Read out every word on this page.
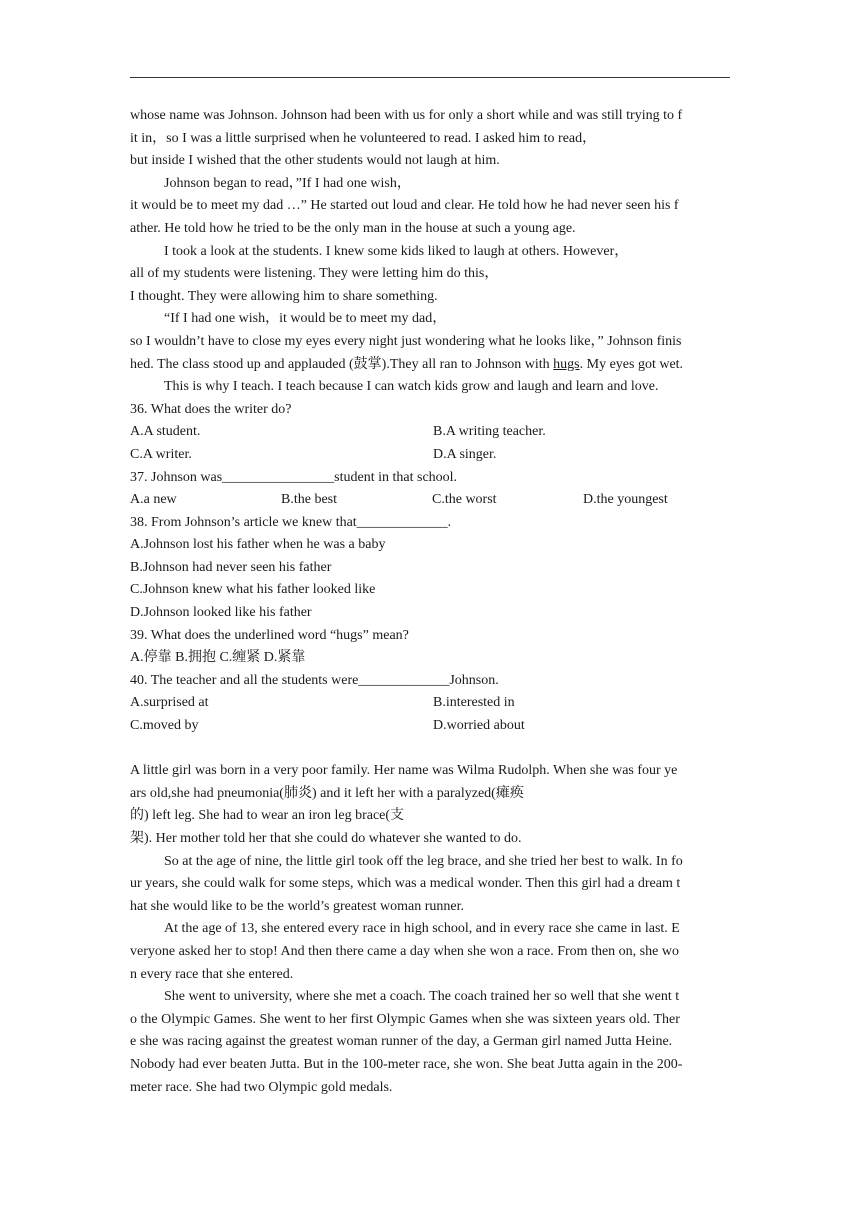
whose name was Johnson. Johnson had been with us for only a short while and was still trying to f
it in，so I was a little surprised when he volunteered to read. I asked him to read，
but inside I wished that the other students would not laugh at him.
Johnson began to read，”If I had one wish，
it would be to meet my dad …” He started out loud and clear. He told how he had never seen his f
ather. He told how he tried to be the only man in the house at such a young age.
I took a look at the students. I knew some kids liked to laugh at others. However，
all of my students were listening. They were letting him do this，
I thought. They were allowing him to share something.
“If I had one wish，it would be to meet my dad，
so I wouldn’t have to close my eyes every night just wondering what he looks like，” Johnson finis
hed. The class stood up and applauded (鼓掌).They all ran to Johnson with hugs. My eyes got wet.
This is why I teach. I teach because I can watch kids grow and laugh and learn and love.
36. What does the writer do?
A.A student.	B.A writing teacher.
C.A writer.	D.A singer.
37. Johnson was________________student in that school.
A.a new	B.the best	C.the worst	D.the youngest
38. From Johnson’s article we knew that_____________.
A.Johnson lost his father when he was a baby
B.Johnson had never seen his father
C.Johnson knew what his father looked like
D.Johnson looked like his father
39. What does the underlined word “hugs” mean?
A.停靠 B.拥抱 C.缠紧 D.紧靠
40. The teacher and all the students were_____________Johnson.
A.surprised at	B.interested in
C.moved by	D.worried about
A little girl was born in a very poor family. Her name was Wilma Rudolph. When she was four ye
ars old,she had pneumonia(肺炎) and it left her with a paralyzed(瘫痪
的) left leg. She had to wear an iron leg brace(支
架). Her mother told her that she could do whatever she wanted to do.
So at the age of nine, the little girl took off the leg brace, and she tried her best to walk. In fo
ur years, she could walk for some steps, which was a medical wonder. Then this girl had a dream t
hat she would like to be the world’s greatest woman runner.
At the age of 13, she entered every race in high school, and in every race she came in last. E
veryone asked her to stop! And then there came a day when she won a race. From then on, she wo
n every race that she entered.
She went to university, where she met a coach. The coach trained her so well that she went t
o the Olympic Games. She went to her first Olympic Games when she was sixteen years old. Ther
e she was racing against the greatest woman runner of the day, a German girl named Jutta Heine.
Nobody had ever beaten Jutta. But in the 100-meter race, she won. She beat Jutta again in the 200-
meter race. She had two Olympic gold medals.
